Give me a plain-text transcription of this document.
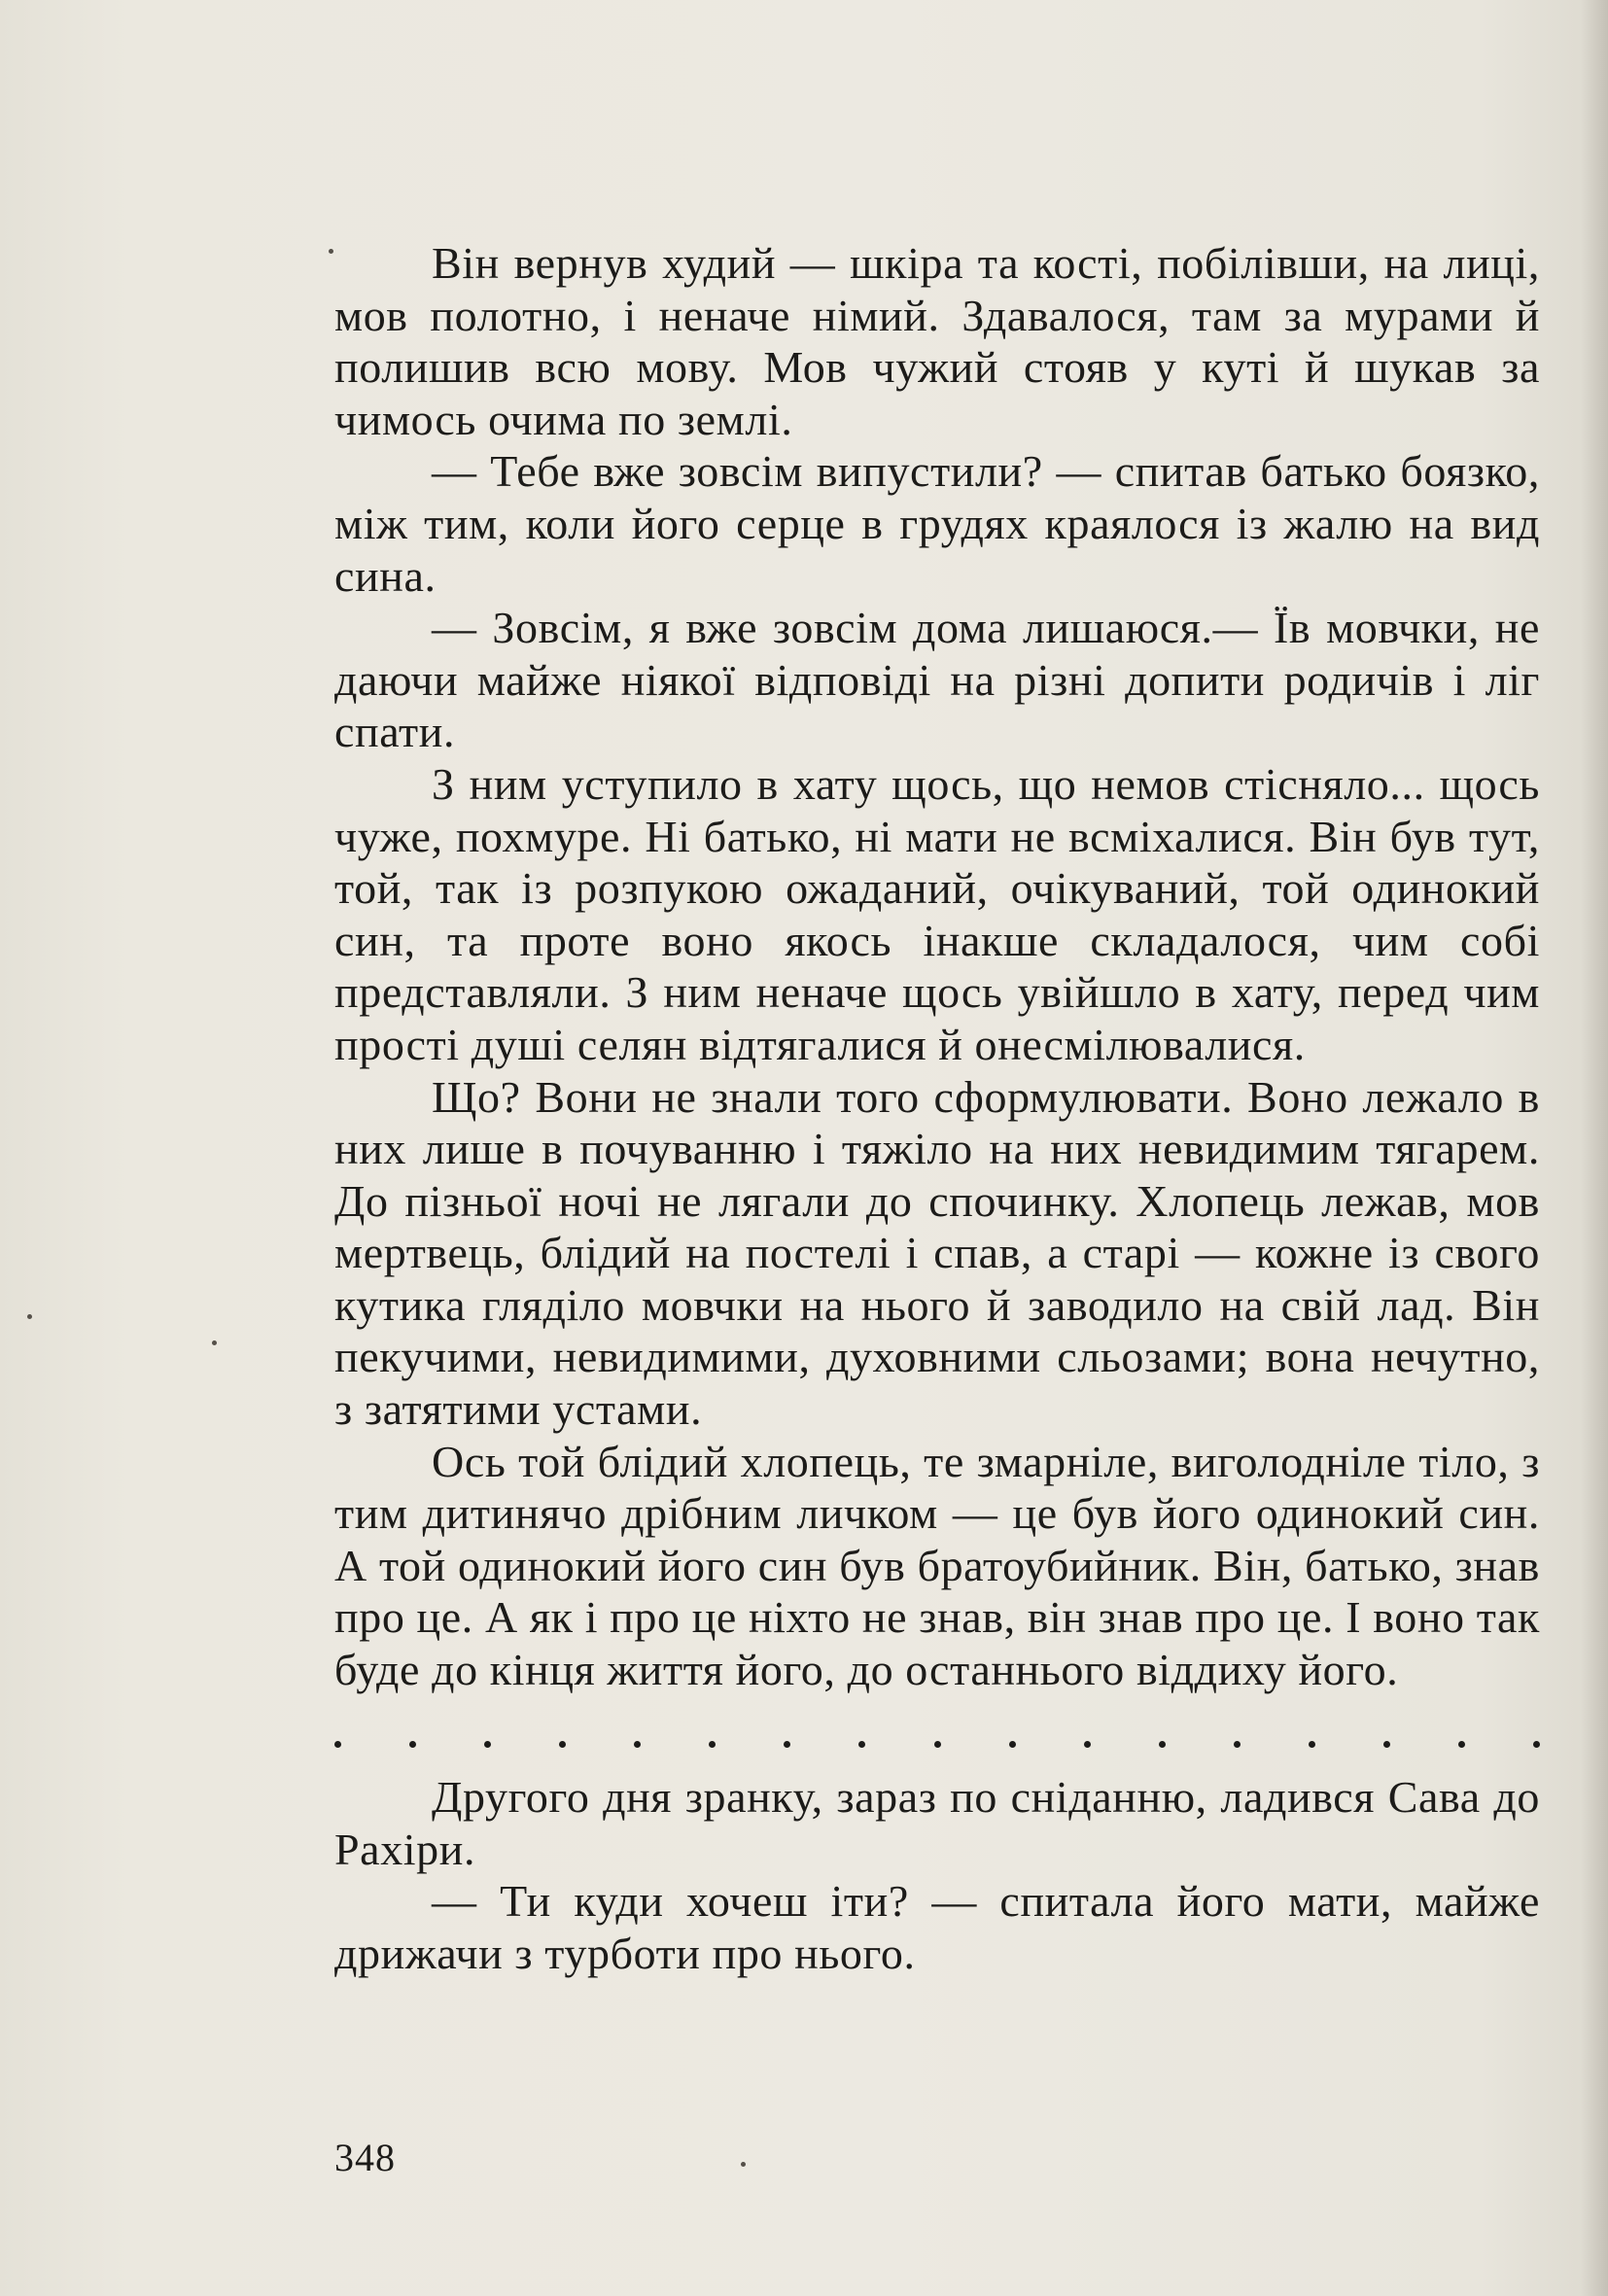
Він вернув худий — шкіра та кості, побілівши, на лиці, мов полотно, і неначе німий. Здавалося, там за мурами й полишив всю мову. Мов чужий стояв у куті й шукав за чимось очима по землі.

— Тебе вже зовсім випустили? — спитав батько боязко, між тим, коли його серце в грудях краялося із жалю на вид сина.

— Зовсім, я вже зовсім дома лишаюся.— Їв мовчки, не даючи майже ніякої відповіді на різні допити родичів і ліг спати.

З ним уступило в хату щось, що немов стісняло... щось чуже, похмуре. Ні батько, ні мати не всміхалися. Він був тут, той, так із розпукою ожаданий, очікуваний, той одинокий син, та проте воно якось інакше складалося, чим собі представляли. З ним неначе щось увійшло в хату, перед чим прості душі селян відтягалися й онесмілювалися.

Що? Вони не знали того сформулювати. Воно лежало в них лише в почуванню і тяжіло на них невидимим тягарем. До пізньої ночі не лягали до спочинку. Хлопець лежав, мов мертвець, блідий на постелі і спав, а старі — кожне із свого кутика гляділо мовчки на нього й заводило на свій лад. Він пекучими, невидимими, духовними сльозами; вона нечутно, з затятими устами.

Ось той блідий хлопець, те змарніле, виголодніле тіло, з тим дитинячо дрібним личком — це був його одинокий син. А той одинокий його син був братоубийник. Він, батько, знав про це. А як і про це ніхто не знав, він знав про це. І воно так буде до кінця життя його, до останнього віддиху його.

Другого дня зранку, зараз по сніданню, ладився Сава до Рахіри.

— Ти куди хочеш іти? — спитала його мати, майже дрижачи з турботи про нього.

348
